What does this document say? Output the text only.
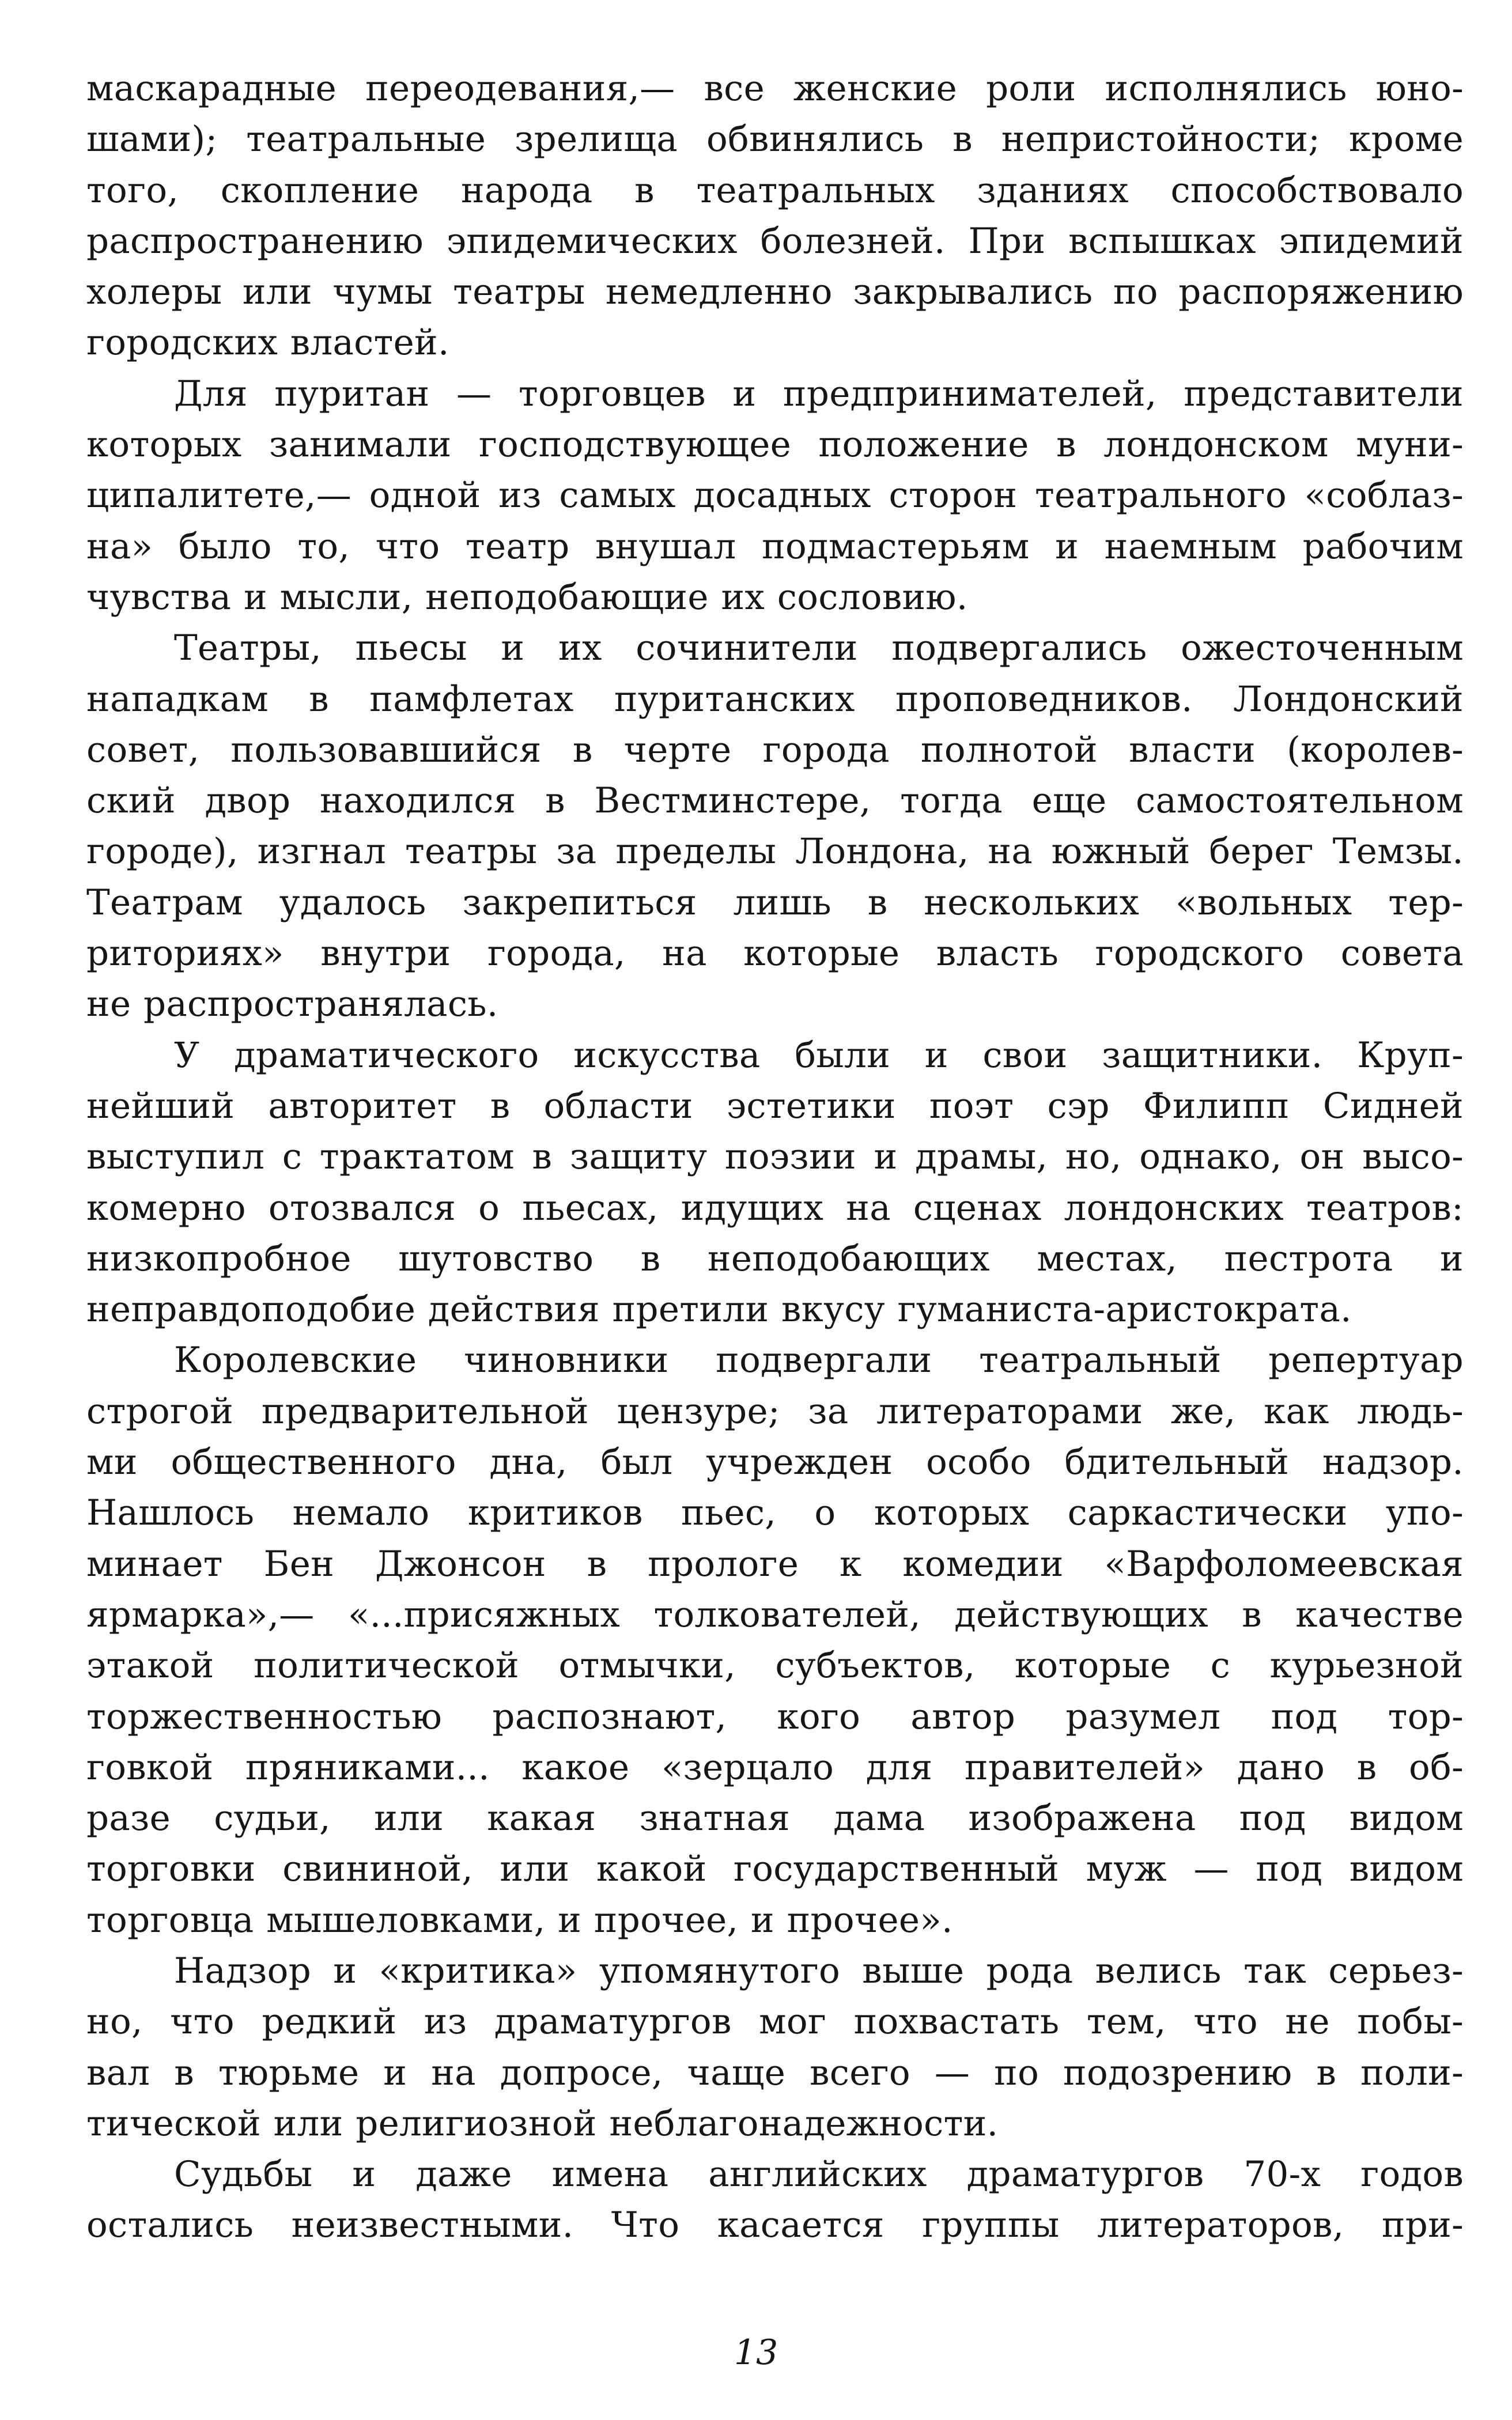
маскарадные переодевания,— все женские роли исполнялись юно-
шами); театральные зрелища обвинялись в непристойности; кроме
того, скопление народа в театральных зданиях способствовало
распространению эпидемических болезней. При вспышках эпидемий
холеры или чумы театры немедленно закрывались по распоряжению
городских властей.
Для пуритан — торговцев и предпринимателей, представители
которых занимали господствующее положение в лондонском муни-
ципалитете,— одной из самых досадных сторон театрального «соблаз-
на» было то, что театр внушал подмастерьям и наемным рабочим
чувства и мысли, неподобающие их сословию.
Театры, пьесы и их сочинители подвергались ожесточенным
нападкам в памфлетах пуританских проповедников. Лондонский
совет, пользовавшийся в черте города полнотой власти (королев-
ский двор находился в Вестминстере, тогда еще самостоятельном
городе), изгнал театры за пределы Лондона, на южный берег Темзы.
Театрам удалось закрепиться лишь в нескольких «вольных тер-
риториях» внутри города, на которые власть городского совета
не распространялась.
У драматического искусства были и свои защитники. Круп-
нейший авторитет в области эстетики поэт сэр Филипп Сидней
выступил с трактатом в защиту поэзии и драмы, но, однако, он высо-
комерно отозвался о пьесах, идущих на сценах лондонских театров:
низкопробное шутовство в неподобающих местах, пестрота и
неправдоподобие действия претили вкусу гуманиста-аристократа.
Королевские чиновники подвергали театральный репертуар
строгой предварительной цензуре; за литераторами же, как людь-
ми общественного дна, был учрежден особо бдительный надзор.
Нашлось немало критиков пьес, о которых саркастически упо-
минает Бен Джонсон в прологе к комедии «Варфоломеевская
ярмарка»,— «...присяжных толкователей, действующих в качестве
этакой политической отмычки, субъектов, которые с курьезной
торжественностью распознают, кого автор разумел под тор-
говкой пряниками... какое «зерцало для правителей» дано в об-
разе судьи, или какая знатная дама изображена под видом
торговки свининой, или какой государственный муж — под видом
торговца мышеловками, и прочее, и прочее».
Надзор и «критика» упомянутого выше рода велись так серьез-
но, что редкий из драматургов мог похвастать тем, что не побы-
вал в тюрьме и на допросе, чаще всего — по подозрению в поли-
тической или религиозной неблагонадежности.
Судьбы и даже имена английских драматургов 70-х годов
остались неизвестными. Что касается группы литераторов, при-
13
